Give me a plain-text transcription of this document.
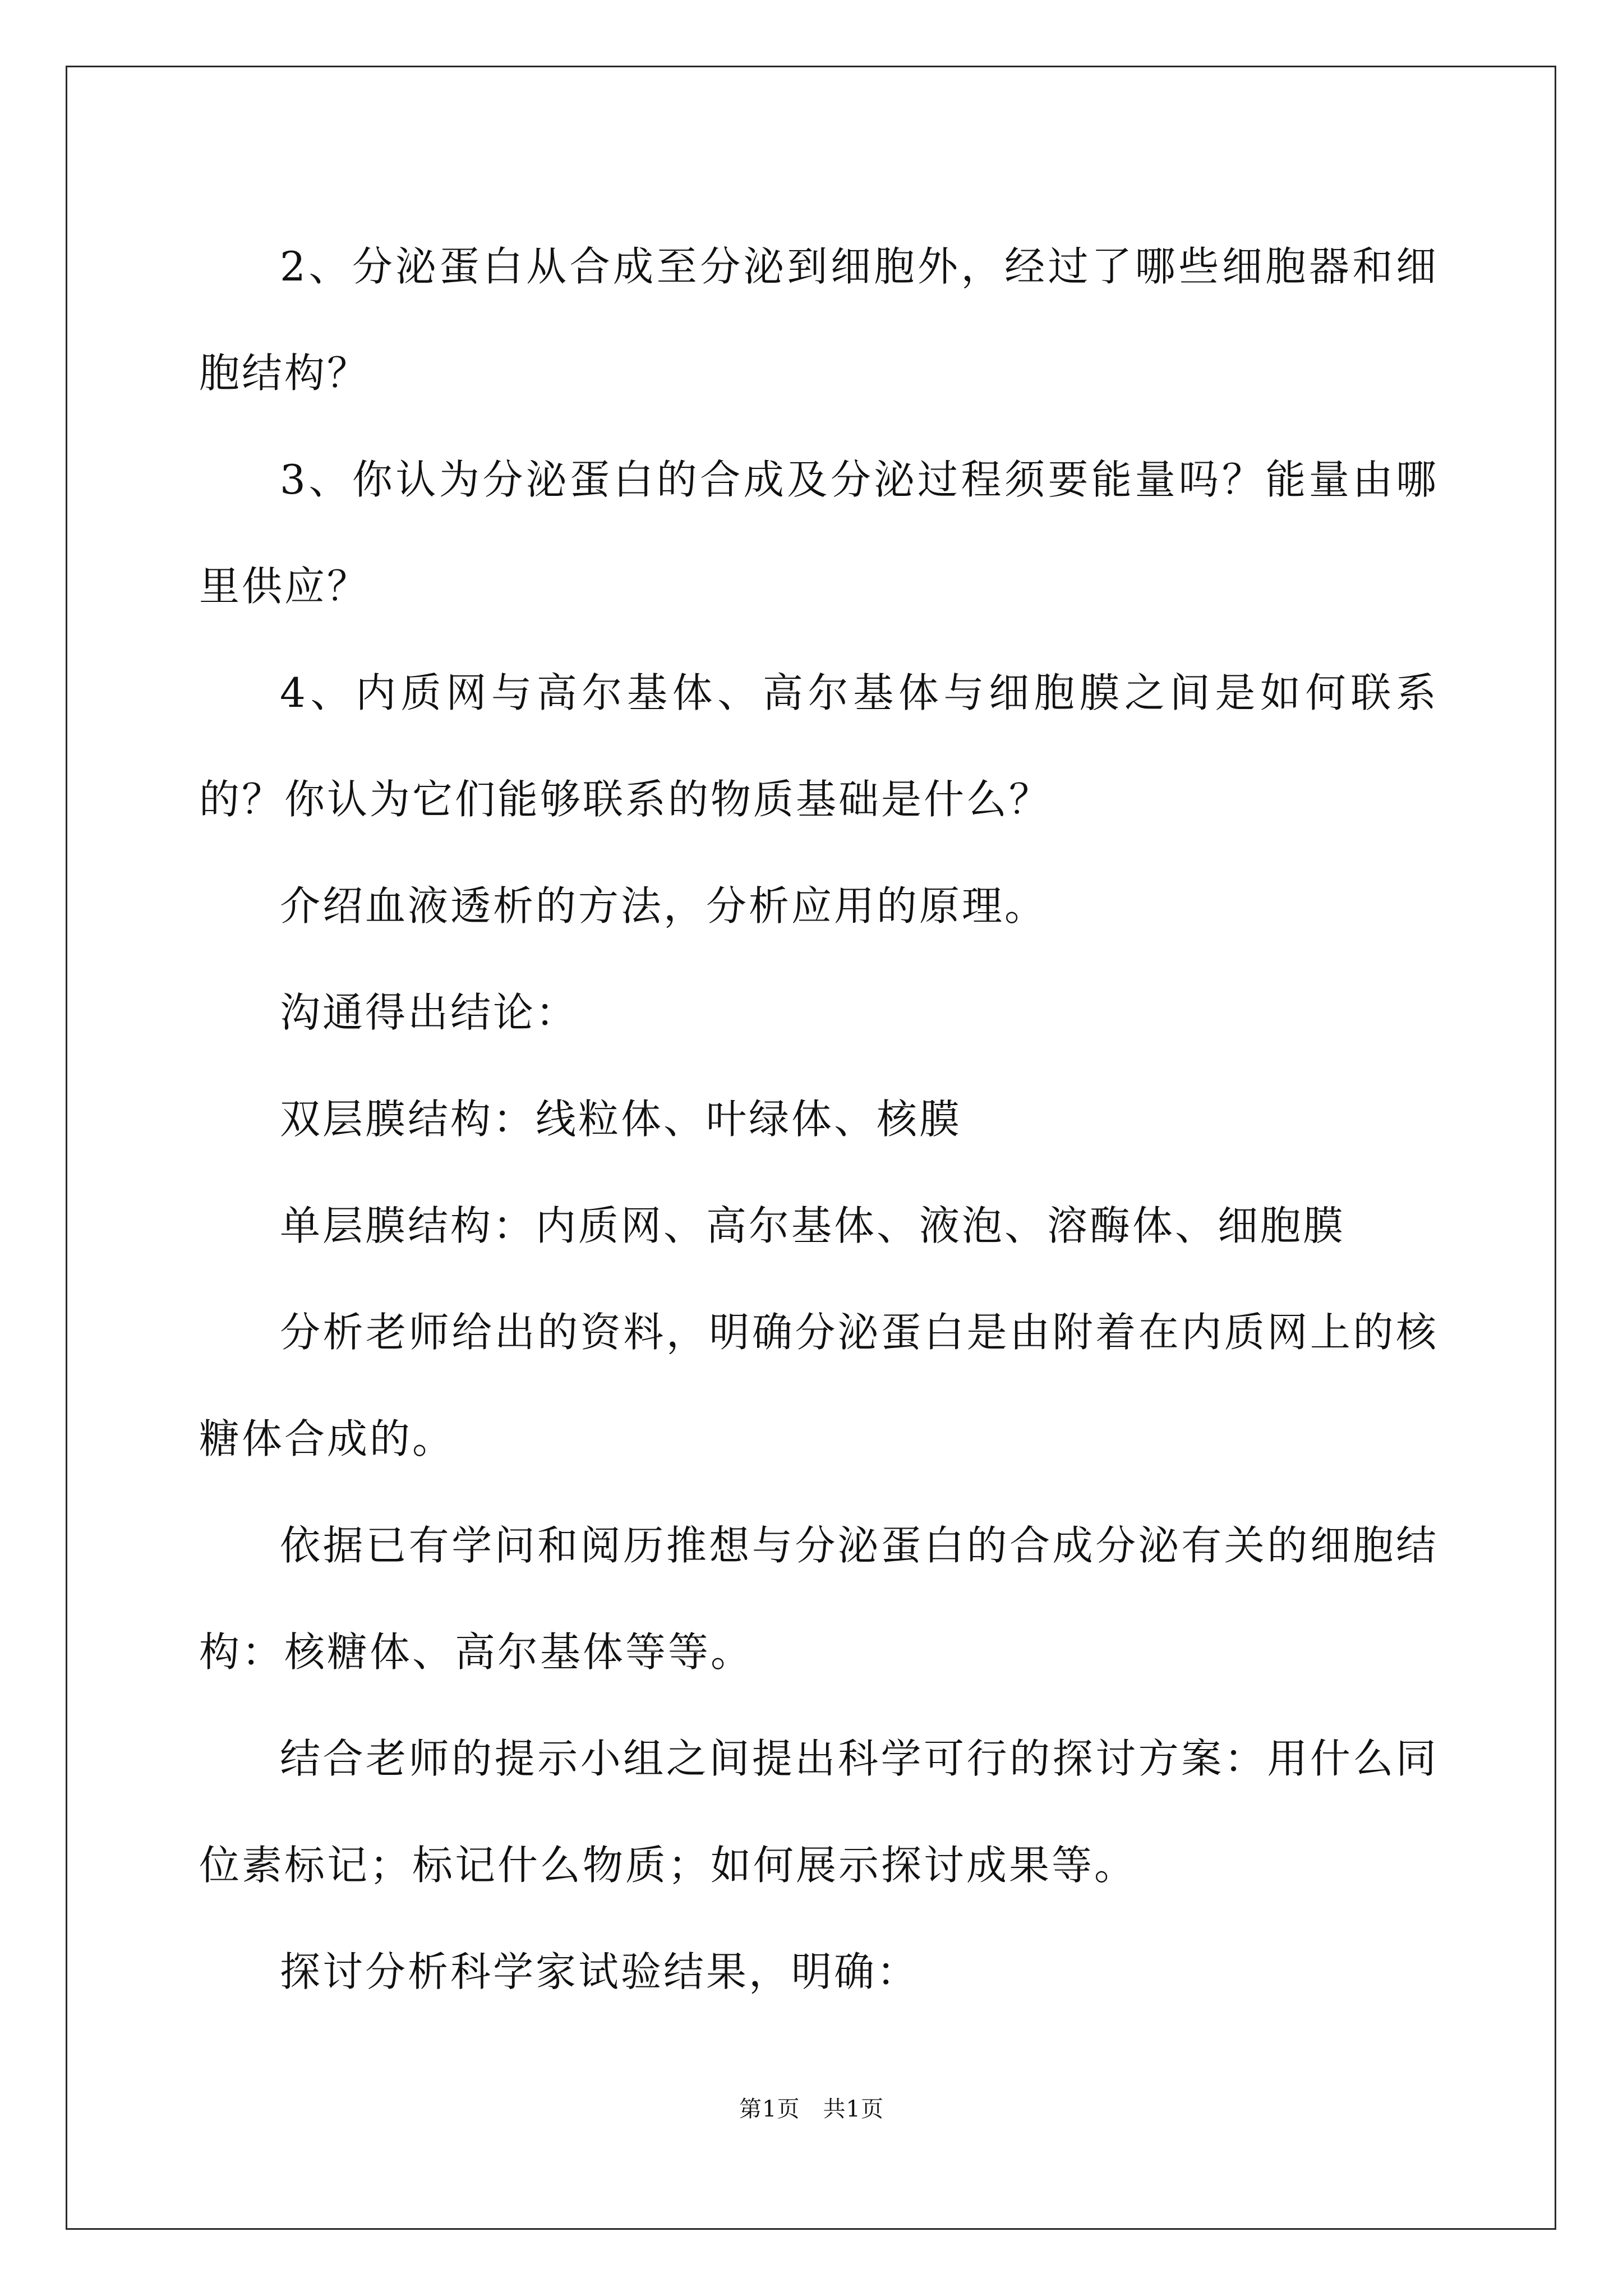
2、分泌蛋白从合成至分泌到细胞外，经过了哪些细胞器和细胞结构？

3、你认为分泌蛋白的合成及分泌过程须要能量吗？能量由哪里供应？

4、内质网与高尔基体、高尔基体与细胞膜之间是如何联系的？你认为它们能够联系的物质基础是什么？

介绍血液透析的方法，分析应用的原理。

沟通得出结论：

双层膜结构：线粒体、叶绿体、核膜

单层膜结构：内质网、高尔基体、液泡、溶酶体、细胞膜

分析老师给出的资料，明确分泌蛋白是由附着在内质网上的核糖体合成的。

依据已有学问和阅历推想与分泌蛋白的合成分泌有关的细胞结构：核糖体、高尔基体等等。

结合老师的提示小组之间提出科学可行的探讨方案：用什么同位素标记；标记什么物质；如何展示探讨成果等。

探讨分析科学家试验结果，明确：

第1页　共1页
